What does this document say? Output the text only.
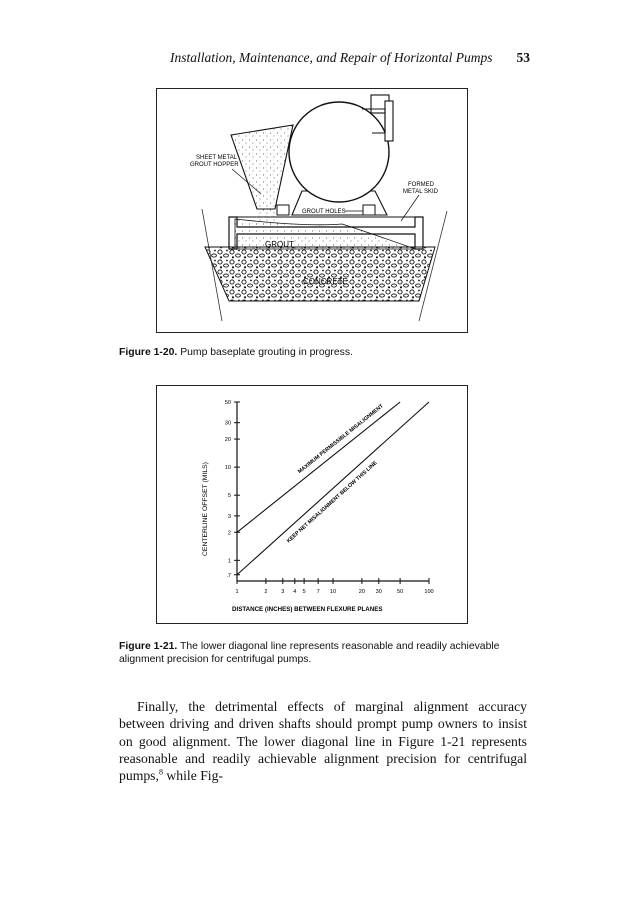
Installation, Maintenance, and Repair of Horizontal Pumps 53
SHEET METAL
GROUT HOPPER
FORMED
METAL SKID
GROUT HOLES
GROUT
CONCRETE
Figure 1-20. Pump baseplate grouting in progress.
1	2 3 4 5 7 10	20 30	50	100
.7
1
2
3
5
10
20
30
50
MAXIMUM PERMISSIBLE MISALIGNMENT
KEEP NET MISALIGNMENT BELOW THIS LINE
DISTANCE (INCHES) BETWEEN FLEXURE PLANES
CENTERLINE OFFSET (MILS)
Figure 1-21. The lower diagonal line represents reasonable and readily achievable alignment precision for centrifugal pumps.

Finally, the detrimental effects of marginal alignment accuracy between driving and driven shafts should prompt pump owners to insist on good alignment. The lower diagonal line in Figure 1-21 represents reasonable and readily achievable alignment precision for centrifugal pumps,$^8$ while Fig-
